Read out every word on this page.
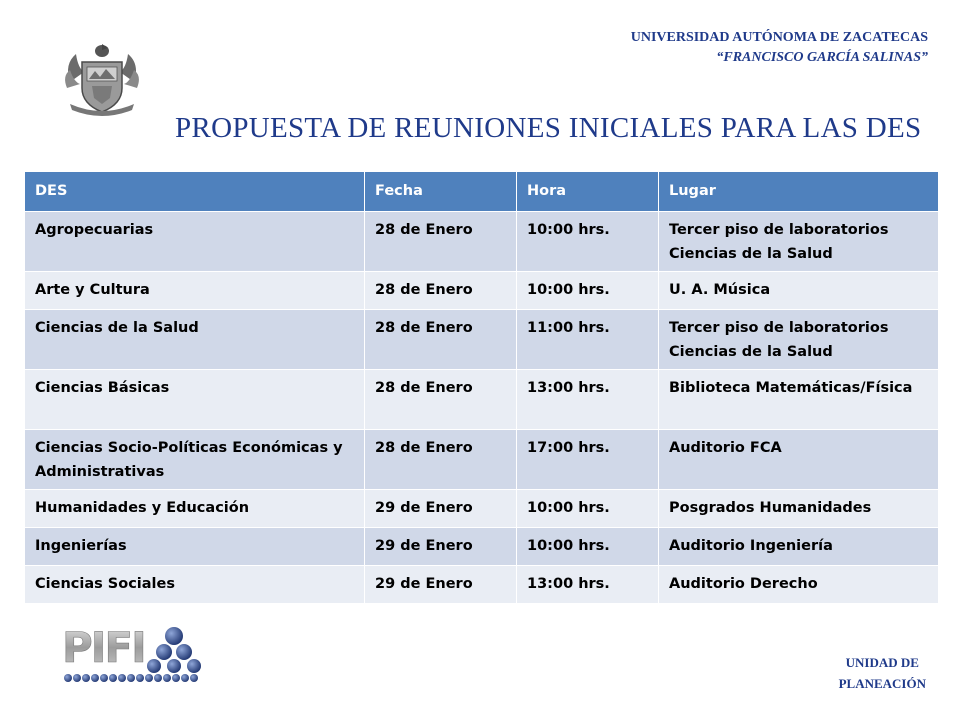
UNIVERSIDAD AUTÓNOMA DE ZACATECAS
“FRANCISCO GARCÍA SALINAS”
PROPUESTA DE REUNIONES INICIALES PARA LAS DES
DES	Fecha	Hora	Lugar
Agropecuarias	28 de Enero	10:00 hrs.	Tercer piso de laboratorios Ciencias de la Salud
Arte y Cultura	28 de Enero	10:00 hrs.	U. A. Música
Ciencias de la Salud	28 de Enero	11:00 hrs.	Tercer piso de laboratorios Ciencias de la Salud
Ciencias Básicas	28 de Enero	13:00 hrs.	Biblioteca Matemáticas/Física
Ciencias Socio-Políticas Económicas y Administrativas	28 de Enero	17:00 hrs.	Auditorio FCA
Humanidades y Educación	29 de Enero	10:00 hrs.	Posgrados Humanidades
Ingenierías	29 de Enero	10:00 hrs.	Auditorio Ingeniería
Ciencias Sociales	29 de Enero	13:00 hrs.	Auditorio Derecho
PIFI	UNIDAD DE
PLANEACIÓN
